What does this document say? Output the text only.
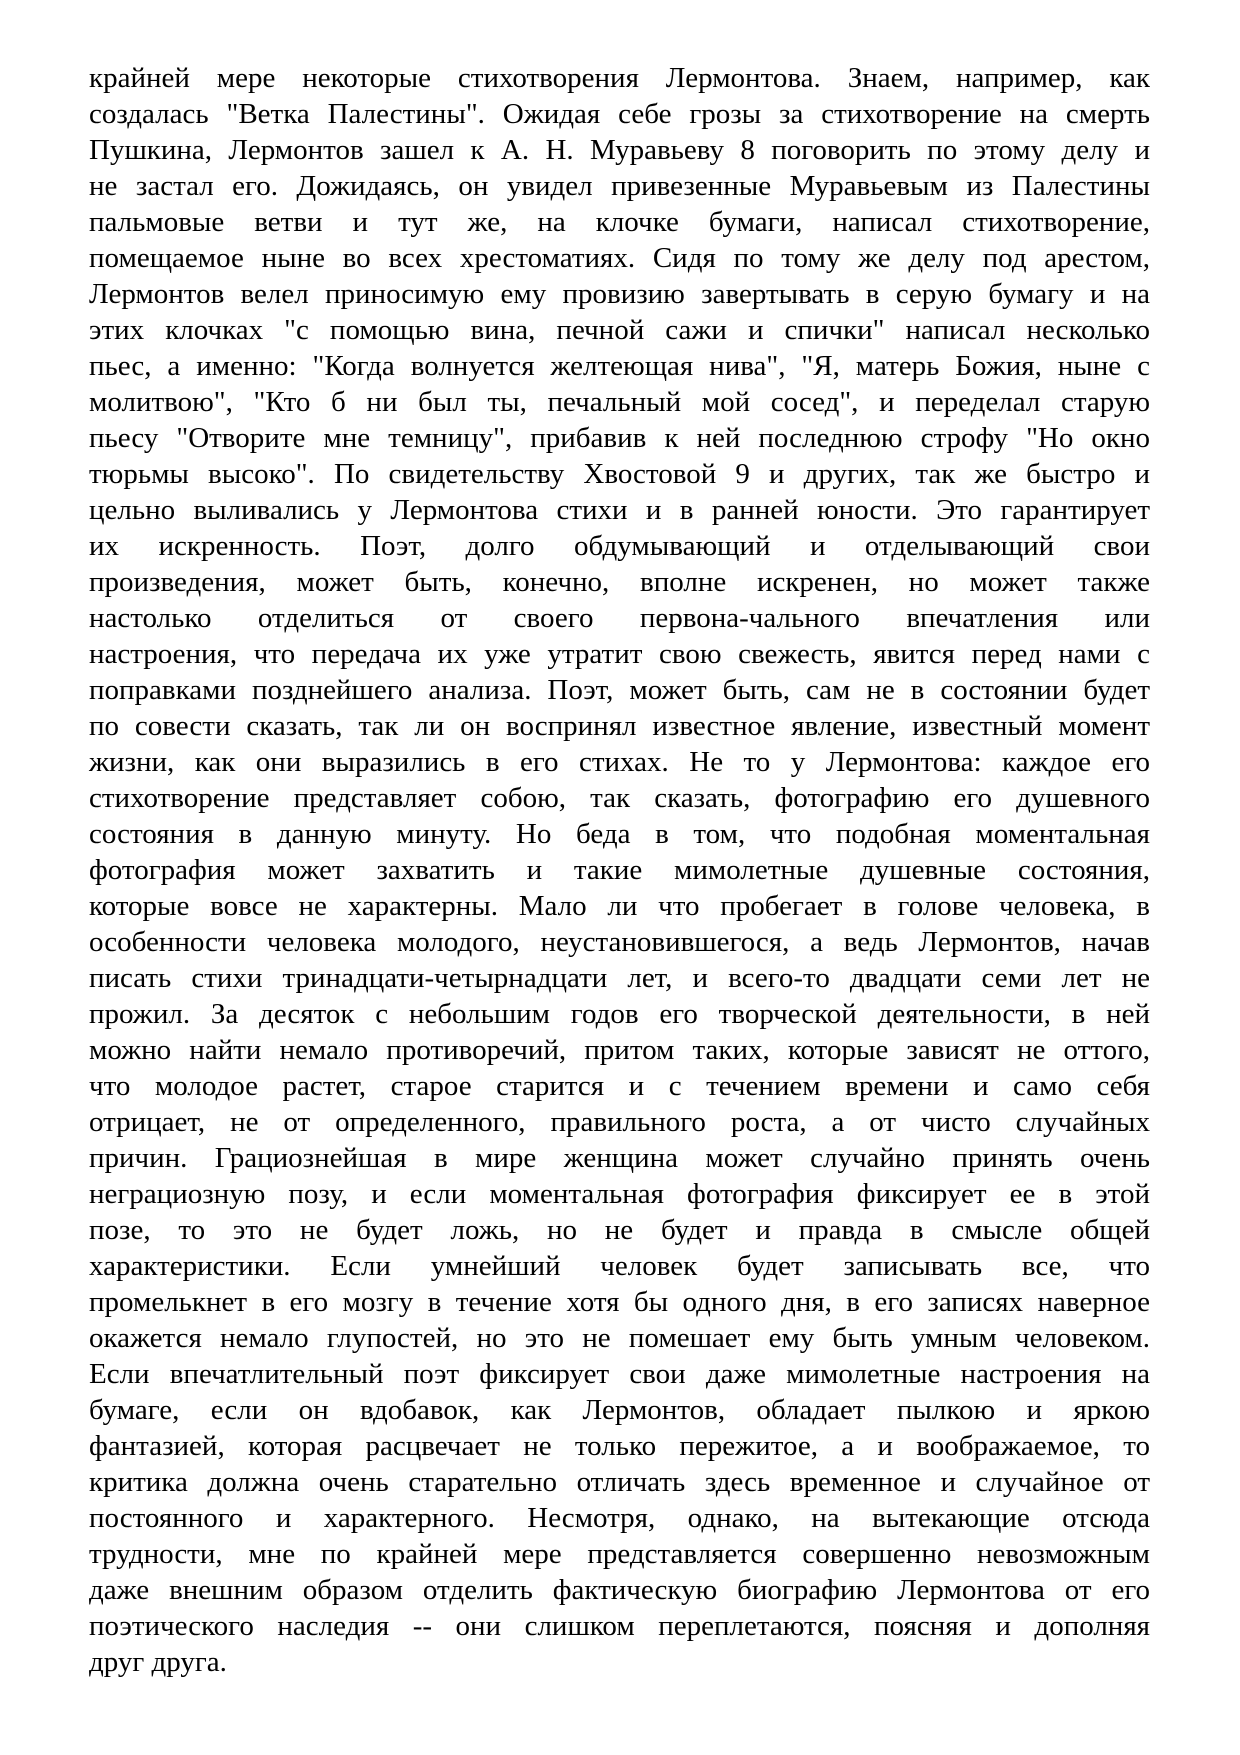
крайней мере некоторые стихотворения Лермонтова. Знаем, например, как
создалась "Ветка Палестины". Ожидая себе грозы за стихотворение на смерть
Пушкина, Лермонтов зашел к А. Н. Муравьеву 8 поговорить по этому делу и
не застал его. Дожидаясь, он увидел привезенные Муравьевым из Палестины
пальмовые ветви и тут же, на клочке бумаги, написал стихотворение,
помещаемое ныне во всех хрестоматиях. Сидя по тому же делу под арестом,
Лермонтов велел приносимую ему провизию завертывать в серую бумагу и на
этих клочках "с помощью вина, печной сажи и спички" написал несколько
пьес, а именно: "Когда волнуется желтеющая нива", "Я, матерь Божия, ныне с
молитвою", "Кто б ни был ты, печальный мой сосед", и переделал старую
пьесу "Отворите мне темницу", прибавив к ней последнюю строфу "Но окно
тюрьмы высоко". По свидетельству Хвостовой 9 и других, так же быстро и
цельно выливались у Лермонтова стихи и в ранней юности. Это гарантирует
их искренность. Поэт, долго обдумывающий и отделывающий свои
произведения, может быть, конечно, вполне искренен, но может также
настолько отделиться от своего первона-чального впечатления или
настроения, что передача их уже утратит свою свежесть, явится перед нами с
поправками позднейшего анализа. Поэт, может быть, сам не в состоянии будет
по совести сказать, так ли он воспринял известное явление, известный момент
жизни, как они выразились в его стихах. Не то у Лермонтова: каждое его
стихотворение представляет собою, так сказать, фотографию его душевного
состояния в данную минуту. Но беда в том, что подобная моментальная
фотография может захватить и такие мимолетные душевные состояния,
которые вовсе не характерны. Мало ли что пробегает в голове человека, в
особенности человека молодого, неустановившегося, а ведь Лермонтов, начав
писать стихи тринадцати-четырнадцати лет, и всего-то двадцати семи лет не
прожил. За десяток с небольшим годов его творческой деятельности, в ней
можно найти немало противоречий, притом таких, которые зависят не оттого,
что молодое растет, старое старится и с течением времени и само себя
отрицает, не от определенного, правильного роста, а от чисто случайных
причин. Грациознейшая в мире женщина может случайно принять очень
неграциозную позу, и если моментальная фотография фиксирует ее в этой
позе, то это не будет ложь, но не будет и правда в смысле общей
характеристики. Если умнейший человек будет записывать все, что
промелькнет в его мозгу в течение хотя бы одного дня, в его записях наверное
окажется немало глупостей, но это не помешает ему быть умным человеком.
Если впечатлительный поэт фиксирует свои даже мимолетные настроения на
бумаге, если он вдобавок, как Лермонтов, обладает пылкою и яркою
фантазией, которая расцвечает не только пережитое, а и воображаемое, то
критика должна очень старательно отличать здесь временное и случайное от
постоянного и характерного. Несмотря, однако, на вытекающие отсюда
трудности, мне по крайней мере представляется совершенно невозможным
даже внешним образом отделить фактическую биографию Лермонтова от его
поэтического наследия -- они слишком переплетаются, поясняя и дополняя
друг друга.
